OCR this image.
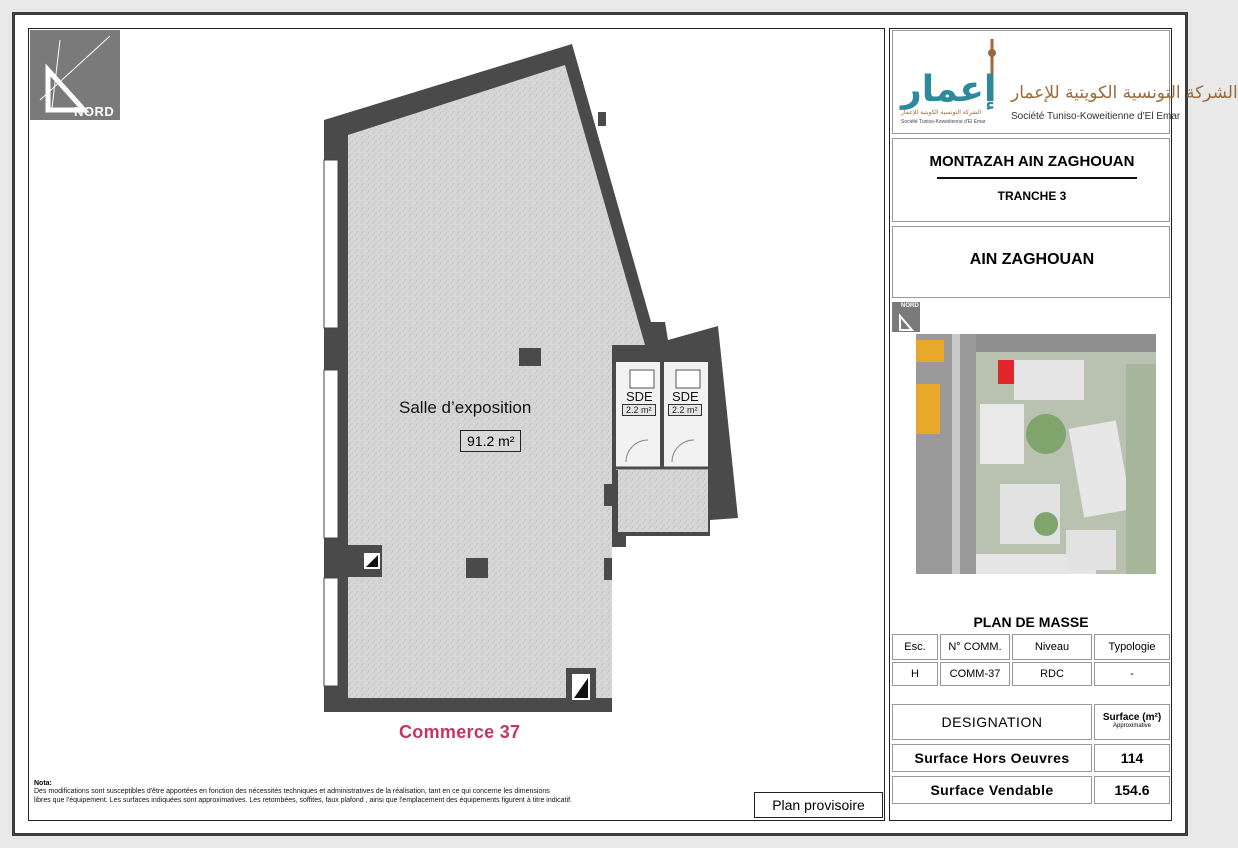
NORD
Salle d’exposition
91.2 m²
SDE
2.2 m²
SDE
2.2 m²
Commerce 37
Nota:
Des modifications sont susceptibles d'être apportées en fonction des nécessités techniques et administratives de la réalisation, tant en ce qui concerne les dimensions
libres que l'équipement. Les surfaces indiquées sont approximatives. Les retombées, soffites, faux plafond , ainsi que l'emplacement des équipements figurent à titre indicatif.	Plan provisoire
إعمار الشركة التونسية الكويتية للإعمار
الشركة التونسية الكويتية للإعمار
Société Tuniso-Koweitienne d'El Emar	Société Tuniso-Koweitienne d'El Emar
MONTAZAH AIN ZAGHOUAN
TRANCHE 3
AIN ZAGHOUAN
NORD
PLAN DE MASSE
Esc.	N° COMM.	Niveau	Typologie
H	COMM-37	RDC	-
DESIGNATION	Surface (m²)
Approximative
Surface Hors Oeuvres	114
Surface Vendable	154.6
